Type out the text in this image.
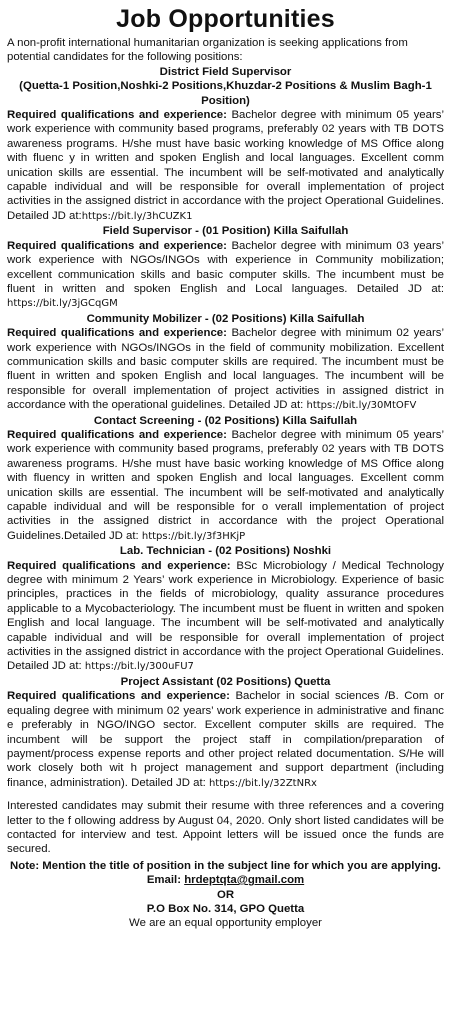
Job Opportunities

A non-profit international humanitarian organization is seeking applications from potential candidates for the following positions:

District Field Supervisor

(Quetta-1 Position,Noshki-2 Positions,Khuzdar-2 Positions & Muslim Bagh-1 Position)

Required qualifications and experience: Bachelor degree with minimum 05 years’ work experience with community based programs, preferably 02 years with TB DOTS awareness programs. H/she must have basic working knowledge of MS Office along with fluenc y in written and spoken English and local languages. Excellent comm unication skills are essential. The incumbent will be self-motivated and analytically capable individual and will be responsible for overall implementation of project activities in the assigned district in accordance with the project Operational Guidelines. Detailed JD at:https://bit.ly/3hCUZK1

Field Supervisor - (01 Position) Killa Saifullah

Required qualifications and experience: Bachelor degree with minimum 03 years’ work experience with NGOs/INGOs with experience in Community mobilization; excellent communication skills and basic computer skills. The incumbent must be fluent in written and spoken English and Local languages. Detailed JD at: https://bit.ly/3jGCqGM

Community Mobilizer - (02 Positions) Killa Saifullah

Required qualifications and experience: Bachelor degree with minimum 02 years’ work experience with NGOs/INGOs in the field of community mobilization. Excellent communication skills and basic computer skills are required. The incumbent must be fluent in written and spoken English and local languages. The incumbent will be responsible for overall implementation of project activities in assigned district in accordance with the operational guidelines. Detailed JD at: https://bit.ly/30MtOFV

Contact Screening - (02 Positions) Killa Saifullah

Required qualifications and experience: Bachelor degree with minimum 05 years’ work experience with community based programs, preferably 02 years with TB DOTS awareness programs. H/she must have basic working knowledge of MS Office along with fluency in written and spoken English and local languages. Excellent comm unication skills are essential. The incumbent will be self-motivated and analytically capable individual and will be responsible for o verall implementation of project activities in the assigned district in accordance with the project Operational Guidelines.Detailed JD at: https://bit.ly/3f3HKjP

Lab. Technician - (02 Positions) Noshki

Required qualifications and experience: BSc Microbiology / Medical Technology degree with minimum 2 Years’ work experience in Microbiology. Experience of basic principles, practices in the fields of microbiology, quality assurance procedures applicable to a Mycobacteriology. The incumbent must be fluent in written and spoken English and local language. The incumbent will be self-motivated and analytically capable individual and will be responsible for overall implementation of project activities in the assigned district in accordance with the project Operational Guidelines. Detailed JD at: https://bit.ly/300uFU7

Project Assistant (02 Positions) Quetta

Required qualifications and experience: Bachelor in social sciences /B. Com or equaling degree with minimum 02 years’ work experience in administrative and financ e preferably in NGO/INGO sector. Excellent computer skills are required. The incumbent will be support the project staff in compilation/preparation of payment/process expense reports and other project related documentation. S/He will work closely both wit h project management and support department (including finance, administration). Detailed JD at: https://bit.ly/32ZtNRx

Interested candidates may submit their resume with three references and a covering letter to the f ollowing address by August 04, 2020. Only short listed candidates will be contacted for interview and test. Appoint letters will be issued once the funds are secured.

Note: Mention the title of position in the subject line for which you are applying.

Email: hrdeptqta@gmail.com

OR

P.O Box No. 314, GPO Quetta

We are an equal opportunity employer
